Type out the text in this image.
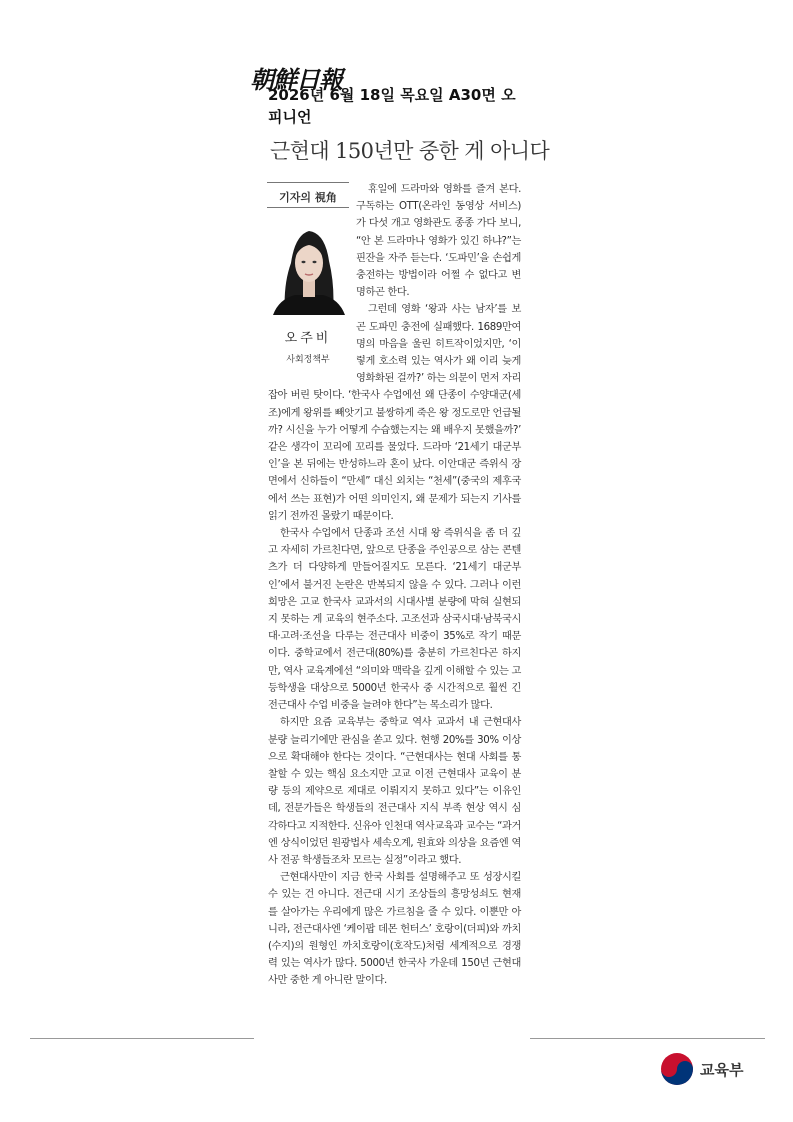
朝鮮日報
2026년 6월 18일 목요일 A30면 오피니언
근현대 150년만 중한 게 아니다
기자의 視角
오주비
사회정책부

휴일에 드라마와 영화를 즐겨 본다. 구독하는 OTT(온라인 동영상 서비스)가 다섯 개고 영화관도 종종 가다 보니, “안 본 드라마나 영화가 있긴 하냐?”는 핀잔을 자주 듣는다. ‘도파민’을 손쉽게 충전하는 방법이라 어쩔 수 없다고 변명하곤 한다.

그런데 영화 ‘왕과 사는 남자’를 보곤 도파민 충전에 실패했다. 1689만여 명의 마음을 울린 히트작이었지만, ‘이렇게 호소력 있는 역사가 왜 이리 늦게 영화화된 걸까?’ 하는 의문이 먼저 자리 잡아 버린 탓이다. ‘한국사 수업에선 왜 단종이 수양대군(세조)에게 왕위를 빼앗기고 불쌍하게 죽은 왕 정도로만 언급될까? 시신을 누가 어떻게 수습했는지는 왜 배우지 못했을까?’ 같은 생각이 꼬리에 꼬리를 물었다. 드라마 ‘21세기 대군부인’을 본 뒤에는 반성하느라 혼이 났다. 이안대군 즉위식 장면에서 신하들이 “만세” 대신 외치는 “천세”(중국의 제후국에서 쓰는 표현)가 어떤 의미인지, 왜 문제가 되는지 기사를 읽기 전까진 몰랐기 때문이다.

한국사 수업에서 단종과 조선 시대 왕 즉위식을 좀 더 깊고 자세히 가르친다면, 앞으로 단종을 주인공으로 삼는 콘텐츠가 더 다양하게 만들어질지도 모른다. ‘21세기 대군부인’에서 불거진 논란은 반복되지 않을 수 있다. 그러나 이런 희망은 고교 한국사 교과서의 시대사별 분량에 막혀 실현되지 못하는 게 교육의 현주소다. 고조선과 삼국시대·남북국시대·고려·조선을 다루는 전근대사 비중이 35%로 작기 때문이다. 중학교에서 전근대(80%)를 충분히 가르친다곤 하지만, 역사 교육계에선 “의미와 맥락을 깊게 이해할 수 있는 고등학생을 대상으로 5000년 한국사 중 시간적으로 훨씬 긴 전근대사 수업 비중을 늘려야 한다”는 목소리가 많다.

하지만 요즘 교육부는 중학교 역사 교과서 내 근현대사 분량 늘리기에만 관심을 쏟고 있다. 현행 20%를 30% 이상으로 확대해야 한다는 것이다. “근현대사는 현대 사회를 통찰할 수 있는 핵심 요소지만 고교 이전 근현대사 교육이 분량 등의 제약으로 제대로 이뤄지지 못하고 있다”는 이유인데, 전문가들은 학생들의 전근대사 지식 부족 현상 역시 심각하다고 지적한다. 신유아 인천대 역사교육과 교수는 “과거엔 상식이었던 원광법사 세속오계, 원효와 의상을 요즘엔 역사 전공 학생들조차 모르는 실정”이라고 했다.

근현대사만이 지금 한국 사회를 설명해주고 또 성장시킬 수 있는 건 아니다. 전근대 시기 조상들의 흥망성쇠도 현재를 살아가는 우리에게 많은 가르침을 줄 수 있다. 이뿐만 아니라, 전근대사엔 ‘케이팝 데몬 헌터스’ 호랑이(더피)와 까치(수지)의 원형인 까치호랑이(호작도)처럼 세계적으로 경쟁력 있는 역사가 많다. 5000년 한국사 가운데 150년 근현대사만 중한 게 아니란 말이다.

교육부
